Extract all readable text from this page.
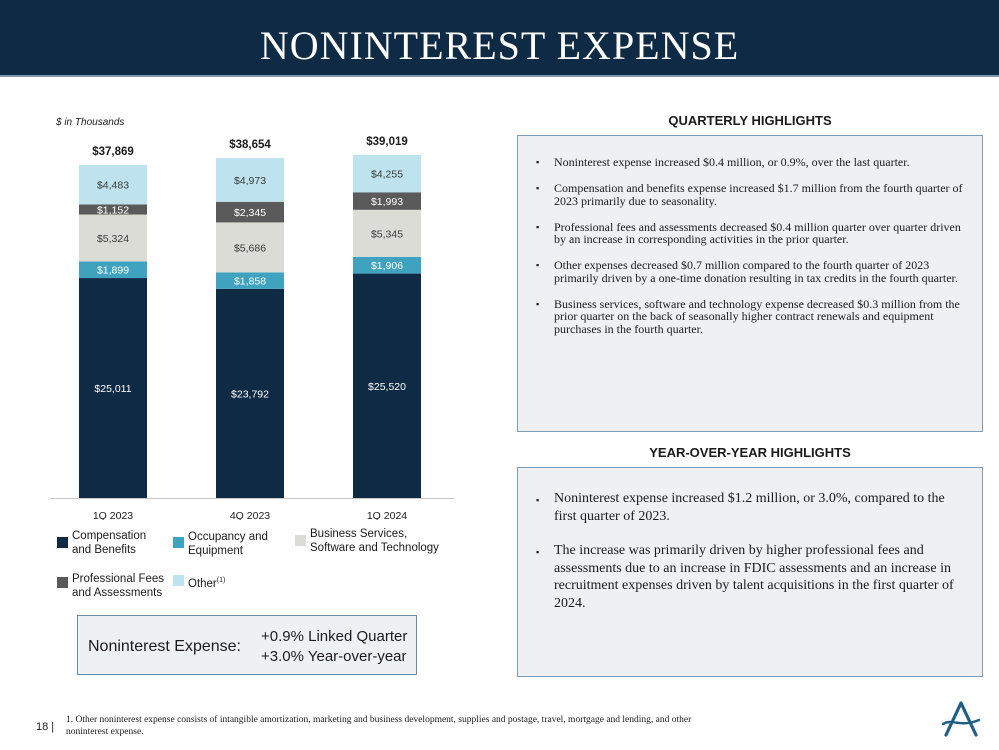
NONINTEREST EXPENSE
$ in Thousands
$25,011
$1,899
$5,324
$1,152
$4,483
$37,869
1Q 2023
$23,792
$1,858
$5,686
$2,345
$4,973
$38,654
4Q 2023
$25,520
$1,906
$5,345
$1,993
$4,255
$39,019
1Q 2024
Compensation
and Benefits
Occupancy and
Equipment
Business Services,
Software and Technology
Professional Fees
and Assessments
Other$^{(1)}$
Noninterest Expense:
+0.9% Linked Quarter
+3.0% Year-over-year
QUARTERLY HIGHLIGHTS
▪ Noninterest expense increased $0.4 million, or 0.9%, over the last quarter.
▪ Compensation and benefits expense increased $1.7 million from the fourth quarter of 2023 primarily due to seasonality.
▪ Professional fees and assessments decreased $0.4 million quarter over quarter driven by an increase in corresponding activities in the prior quarter.
▪ Other expenses decreased $0.7 million compared to the fourth quarter of 2023 primarily driven by a one-time donation resulting in tax credits in the fourth quarter.
▪ Business services, software and technology expense decreased $0.3 million from the prior quarter on the back of seasonally higher contract renewals and equipment purchases in the fourth quarter.
YEAR-OVER-YEAR HIGHLIGHTS
▪ Noninterest expense increased $1.2 million, or 3.0%, compared to the first quarter of 2023.
▪ The increase was primarily driven by higher professional fees and assessments due to an increase in FDIC assessments and an increase in recruitment expenses driven by talent acquisitions in the first quarter of 2024.
18 |
1. Other noninterest expense consists of intangible amortization, marketing and business development, supplies and postage, travel, mortgage and lending, and other noninterest expense.
